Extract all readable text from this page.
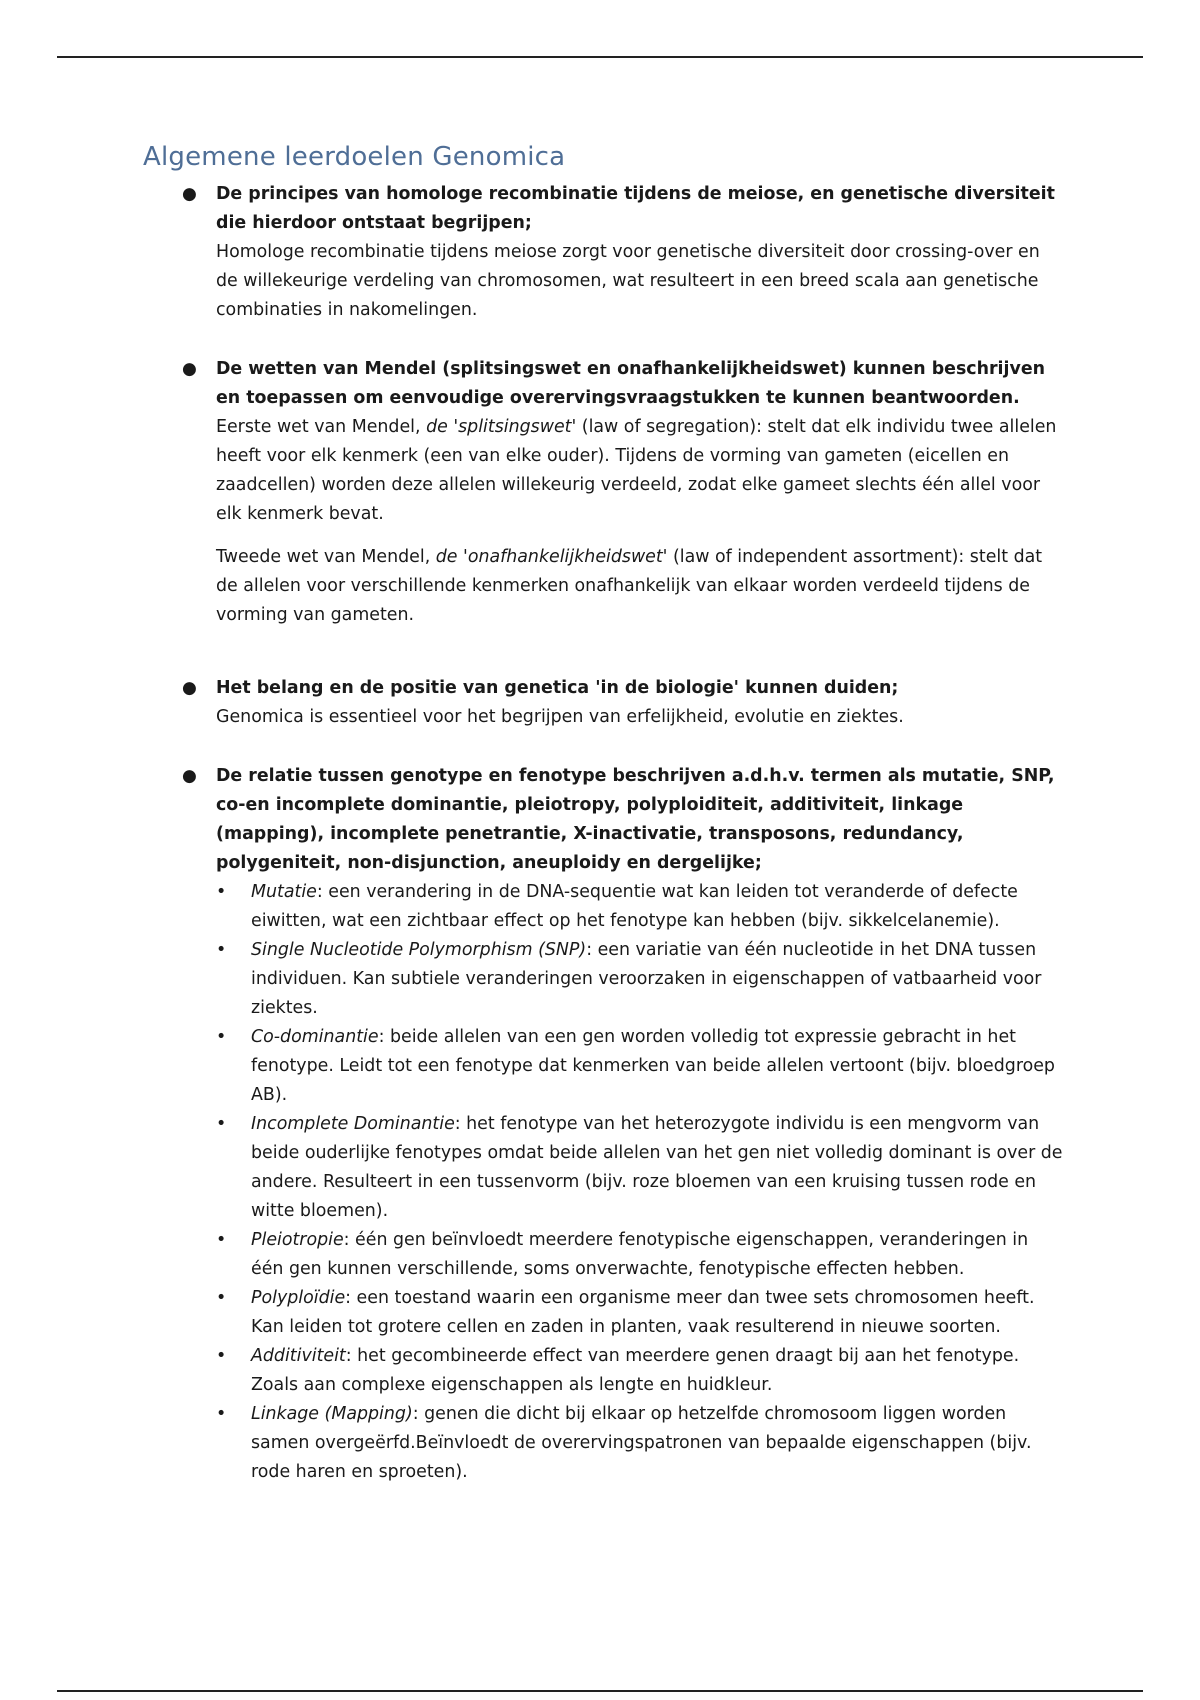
Algemene leerdoelen Genomica
● De principes van homologe recombinatie tijdens de meiose, en genetische diversiteit die hierdoor ontstaat begrijpen;
Homologe recombinatie tijdens meiose zorgt voor genetische diversiteit door crossing-over en de willekeurige verdeling van chromosomen, wat resulteert in een breed scala aan genetische combinaties in nakomelingen.
● De wetten van Mendel (splitsingswet en onafhankelijkheidswet) kunnen beschrijven en toepassen om eenvoudige overervingsvraagstukken te kunnen beantwoorden.
Eerste wet van Mendel, de 'splitsingswet' (law of segregation): stelt dat elk individu twee allelen heeft voor elk kenmerk (een van elke ouder). Tijdens de vorming van gameten (eicellen en zaadcellen) worden deze allelen willekeurig verdeeld, zodat elke gameet slechts één allel voor elk kenmerk bevat.
Tweede wet van Mendel, de 'onafhankelijkheidswet' (law of independent assortment): stelt dat de allelen voor verschillende kenmerken onafhankelijk van elkaar worden verdeeld tijdens de vorming van gameten.
● Het belang en de positie van genetica 'in de biologie' kunnen duiden;
Genomica is essentieel voor het begrijpen van erfelijkheid, evolutie en ziektes.
● De relatie tussen genotype en fenotype beschrijven a.d.h.v. termen als mutatie, SNP, co-en incomplete dominantie, pleiotropy, polyploiditeit, additiviteit, linkage (mapping), incomplete penetrantie, X-inactivatie, transposons, redundancy, polygeniteit, non-disjunction, aneuploidy en dergelijke;
• Mutatie: een verandering in de DNA-sequentie wat kan leiden tot veranderde of defecte eiwitten, wat een zichtbaar effect op het fenotype kan hebben (bijv. sikkelcelanemie).
• Single Nucleotide Polymorphism (SNP): een variatie van één nucleotide in het DNA tussen individuen. Kan subtiele veranderingen veroorzaken in eigenschappen of vatbaarheid voor ziektes.
• Co-dominantie: beide allelen van een gen worden volledig tot expressie gebracht in het fenotype. Leidt tot een fenotype dat kenmerken van beide allelen vertoont (bijv. bloedgroep AB).
• Incomplete Dominantie: het fenotype van het heterozygote individu is een mengvorm van beide ouderlijke fenotypes omdat beide allelen van het gen niet volledig dominant is over de andere. Resulteert in een tussenvorm (bijv. roze bloemen van een kruising tussen rode en witte bloemen).
• Pleiotropie: één gen beïnvloedt meerdere fenotypische eigenschappen, veranderingen in één gen kunnen verschillende, soms onverwachte, fenotypische effecten hebben.
• Polyploïdie: een toestand waarin een organisme meer dan twee sets chromosomen heeft. Kan leiden tot grotere cellen en zaden in planten, vaak resulterend in nieuwe soorten.
• Additiviteit: het gecombineerde effect van meerdere genen draagt bij aan het fenotype. Zoals aan complexe eigenschappen als lengte en huidkleur.
• Linkage (Mapping): genen die dicht bij elkaar op hetzelfde chromosoom liggen worden samen overgeërfd.Beïnvloedt de overervingspatronen van bepaalde eigenschappen (bijv. rode haren en sproeten).
